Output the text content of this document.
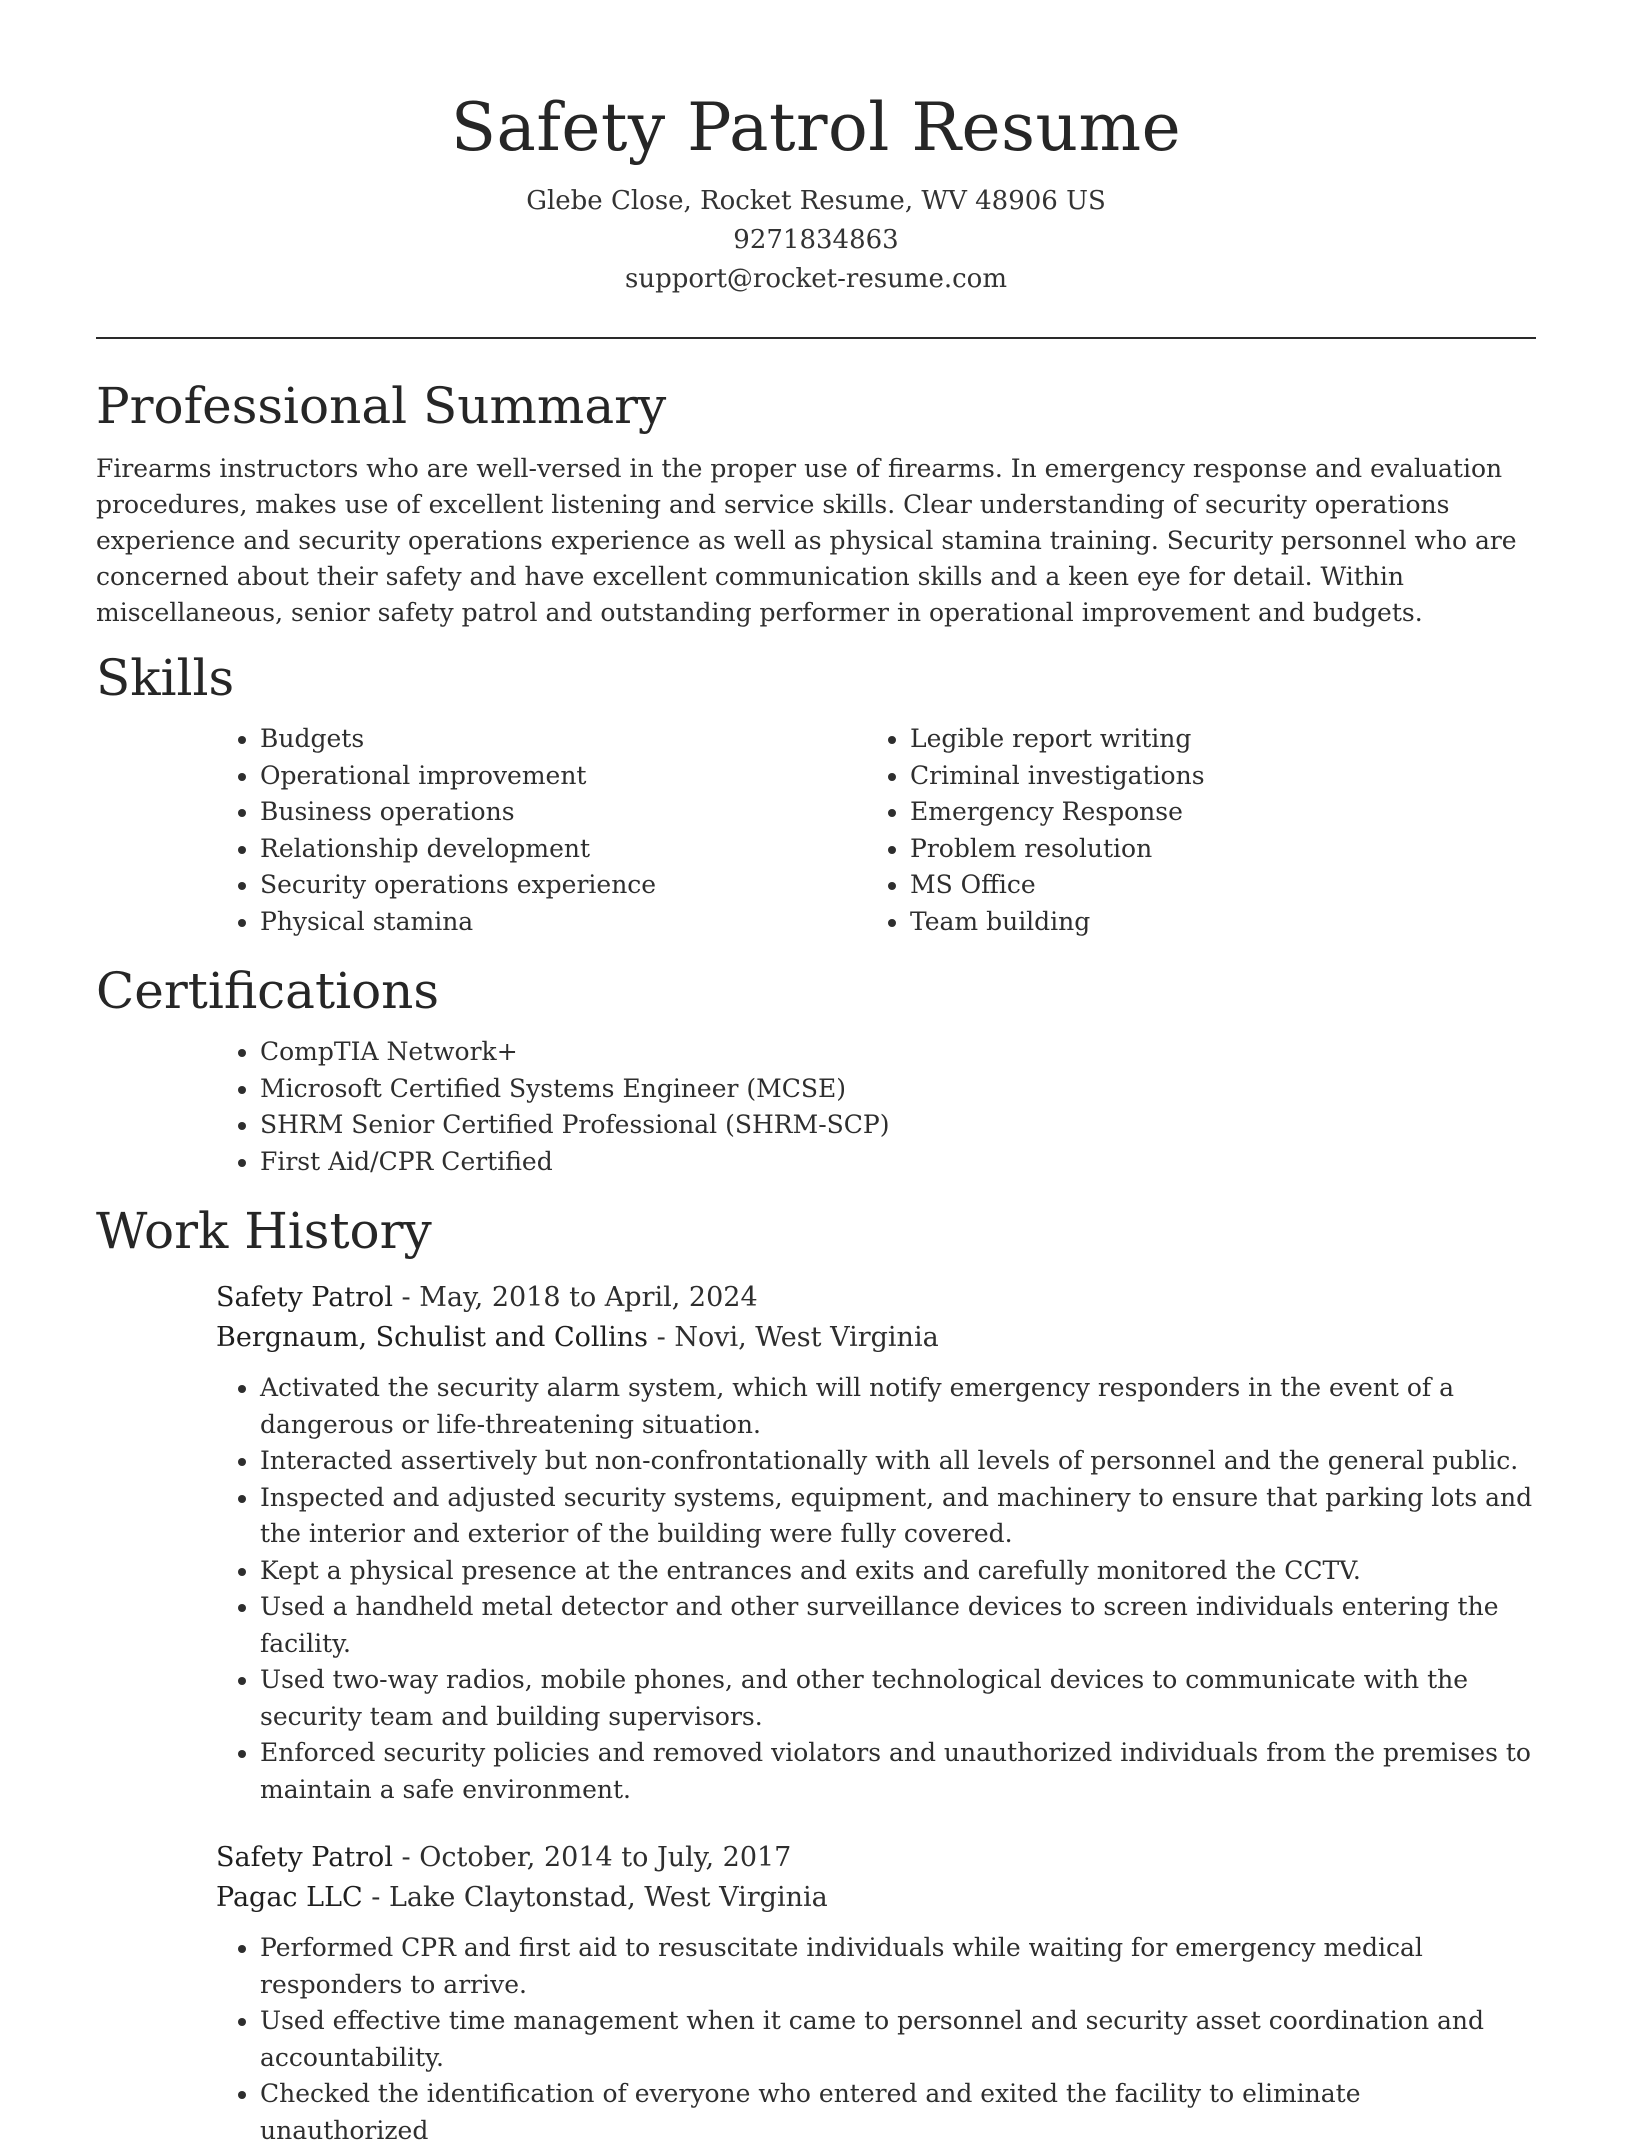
Safety Patrol Resume
Glebe Close, Rocket Resume, WV 48906 US
9271834863
support@rocket-resume.com
Professional Summary

Firearms instructors who are well-versed in the proper use of firearms. In emergency response and evaluation procedures, makes use of excellent listening and service skills. Clear understanding of security operations experience and security operations experience as well as physical stamina training. Security personnel who are concerned about their safety and have excellent communication skills and a keen eye for detail. Within miscellaneous, senior safety patrol and outstanding performer in operational improvement and budgets.

Skills
• Budgets
• Operational improvement
• Business operations
• Relationship development
• Security operations experience
• Physical stamina
• Legible report writing
• Criminal investigations
• Emergency Response
• Problem resolution
• MS Office
• Team building
Certifications
• CompTIA Network+
• Microsoft Certified Systems Engineer (MCSE)
• SHRM Senior Certified Professional (SHRM-SCP)
• First Aid/CPR Certified
Work History
Safety Patrol - May, 2018 to April, 2024
Bergnaum, Schulist and Collins - Novi, West Virginia
• Activated the security alarm system, which will notify emergency responders in the event of a dangerous or life-threatening situation.
• Interacted assertively but non-confrontationally with all levels of personnel and the general public.
• Inspected and adjusted security systems, equipment, and machinery to ensure that parking lots and the interior and exterior of the building were fully covered.
• Kept a physical presence at the entrances and exits and carefully monitored the CCTV.
• Used a handheld metal detector and other surveillance devices to screen individuals entering the facility.
• Used two-way radios, mobile phones, and other technological devices to communicate with the security team and building supervisors.
• Enforced security policies and removed violators and unauthorized individuals from the premises to maintain a safe environment.
Safety Patrol - October, 2014 to July, 2017
Pagac LLC - Lake Claytonstad, West Virginia
• Performed CPR and first aid to resuscitate individuals while waiting for emergency medical responders to arrive.
• Used effective time management when it came to personnel and security asset coordination and accountability.
• Checked the identification of everyone who entered and exited the facility to eliminate unauthorized
